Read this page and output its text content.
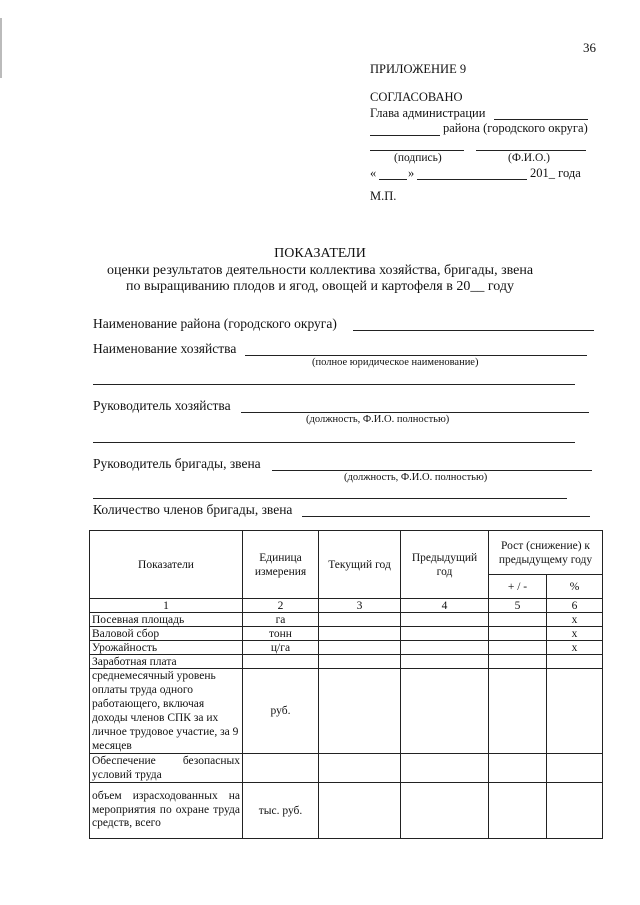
36
ПРИЛОЖЕНИЕ 9
СОГЛАСОВАНО
Глава администрации
района (городского округа)
(подпись)	(Ф.И.О.)
«	»	201_ года
М.П.
ПОКАЗАТЕЛИ
оценки результатов деятельности коллектива хозяйства, бригады, звена
по выращиванию плодов и ягод, овощей и картофеля в 20__ году
Наименование района (городского округа)
Наименование хозяйства
(полное юридическое наименование)
Руководитель хозяйства
(должность, Ф.И.О. полностью)
Руководитель бригады, звена
(должность, Ф.И.О. полностью)
Количество членов бригады, звена
Показатели	Единица измерения	Текущий год	Предыдущий год	Рост (снижение) к предыдущему году	
				+ / -	%
1	2	3	4	5	6
Посевная площадь	га				х
Валовой сбор	тонн				х
Урожайность	ц/га				х
Заработная плата					
среднемесячный уровень оплаты труда одного работающего, включая доходы членов СПК за их личное трудовое участие, за 9 месяцев	руб.				
Обеспечение безопасных условий труда					
объем израсходованных на мероприятия по охране труда средств, всего	тыс. руб.				
